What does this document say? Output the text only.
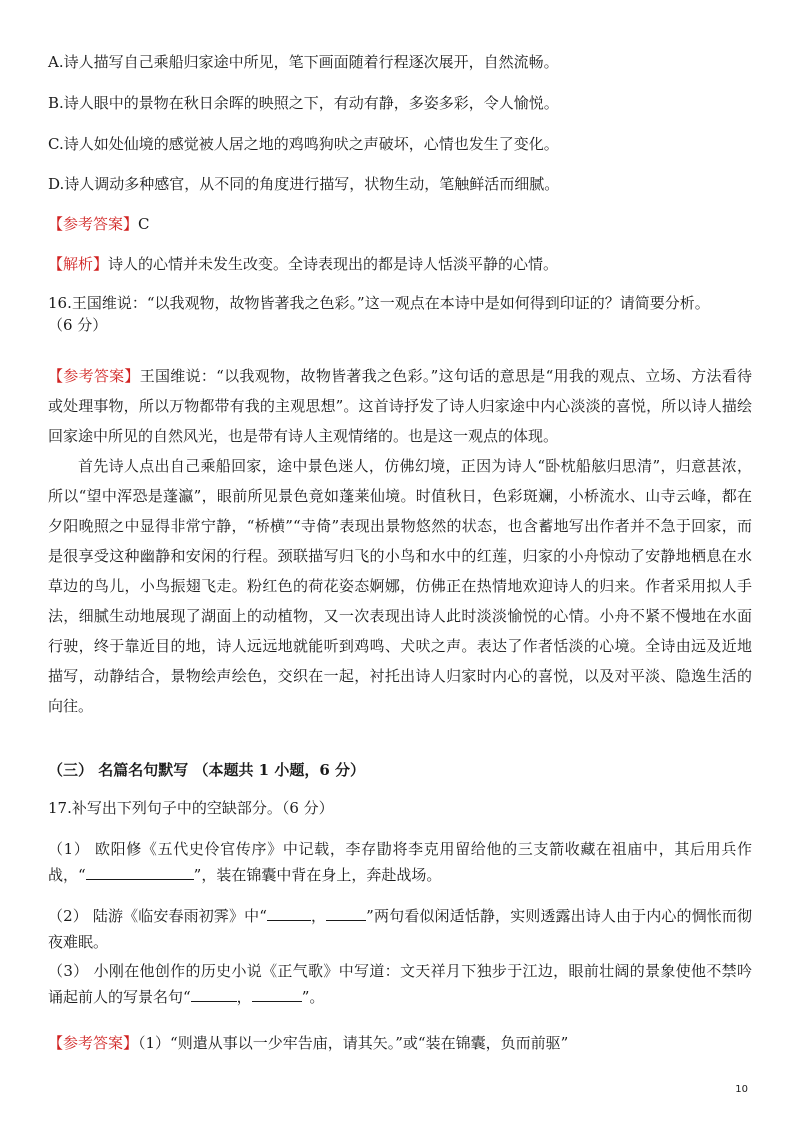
A.诗人描写自己乘船归家途中所见，笔下画面随着行程逐次展开，自然流畅。
B.诗人眼中的景物在秋日余晖的映照之下，有动有静，多姿多彩，令人愉悦。
C.诗人如处仙境的感觉被人居之地的鸡鸣狗吠之声破坏，心情也发生了变化。
D.诗人调动多种感官，从不同的角度进行描写，状物生动，笔触鲜活而细腻。
【参考答案】C
【解析】诗人的心情并未发生改变。全诗表现出的都是诗人恬淡平静的心情。
16.王国维说：“以我观物，故物皆著我之色彩。”这一观点在本诗中是如何得到印证的？请简要分析。
（6 分）
【参考答案】王国维说：“以我观物，故物皆著我之色彩。”这句话的意思是“用我的观点、立场、方法看待或处理事物，所以万物都带有我的主观思想”。这首诗抒发了诗人归家途中内心淡淡的喜悦，所以诗人描绘回家途中所见的自然风光，也是带有诗人主观情绪的。也是这一观点的体现。
首先诗人点出自己乘船回家，途中景色迷人，仿佛幻境，正因为诗人“卧枕船舷归思清”，归意甚浓，所以“望中浑恐是蓬瀛”，眼前所见景色竟如蓬莱仙境。时值秋日，色彩斑斓，小桥流水、山寺云峰，都在夕阳晚照之中显得非常宁静，“桥横”“寺倚”表现出景物悠然的状态，也含蓄地写出作者并不急于回家，而是很享受这种幽静和安闲的行程。颈联描写归飞的小鸟和水中的红莲，归家的小舟惊动了安静地栖息在水草边的鸟儿，小鸟振翅飞走。粉红色的荷花姿态婀娜，仿佛正在热情地欢迎诗人的归来。作者采用拟人手法，细腻生动地展现了湖面上的动植物，又一次表现出诗人此时淡淡愉悦的心情。小舟不紧不慢地在水面行驶，终于靠近目的地，诗人远远地就能听到鸡鸣、犬吠之声。表达了作者恬淡的心境。全诗由远及近地描写，动静结合，景物绘声绘色，交织在一起，衬托出诗人归家时内心的喜悦，以及对平淡、隐逸生活的向往。
（三） 名篇名句默写 （本题共 1 小题，6 分）
17.补写出下列句子中的空缺部分。（6 分）
（1） 欧阳修《五代史伶官传序》中记载，李存勖将李克用留给他的三支箭收藏在祖庙中，其后用兵作战，“	”，装在锦囊中背在身上，奔赴战场。
（2） 陆游《临安春雨初霁》中“	，	”两句看似闲适恬静，实则透露出诗人由于内心的惆怅而彻夜难眠。
（3） 小刚在他创作的历史小说《正气歌》中写道：文天祥月下独步于江边，眼前壮阔的景象使他不禁吟诵起前人的写景名句“	，	”。
【参考答案】（1）“则遣从事以一少牢告庙，请其矢。”或“装在锦囊，负而前驱”
10
